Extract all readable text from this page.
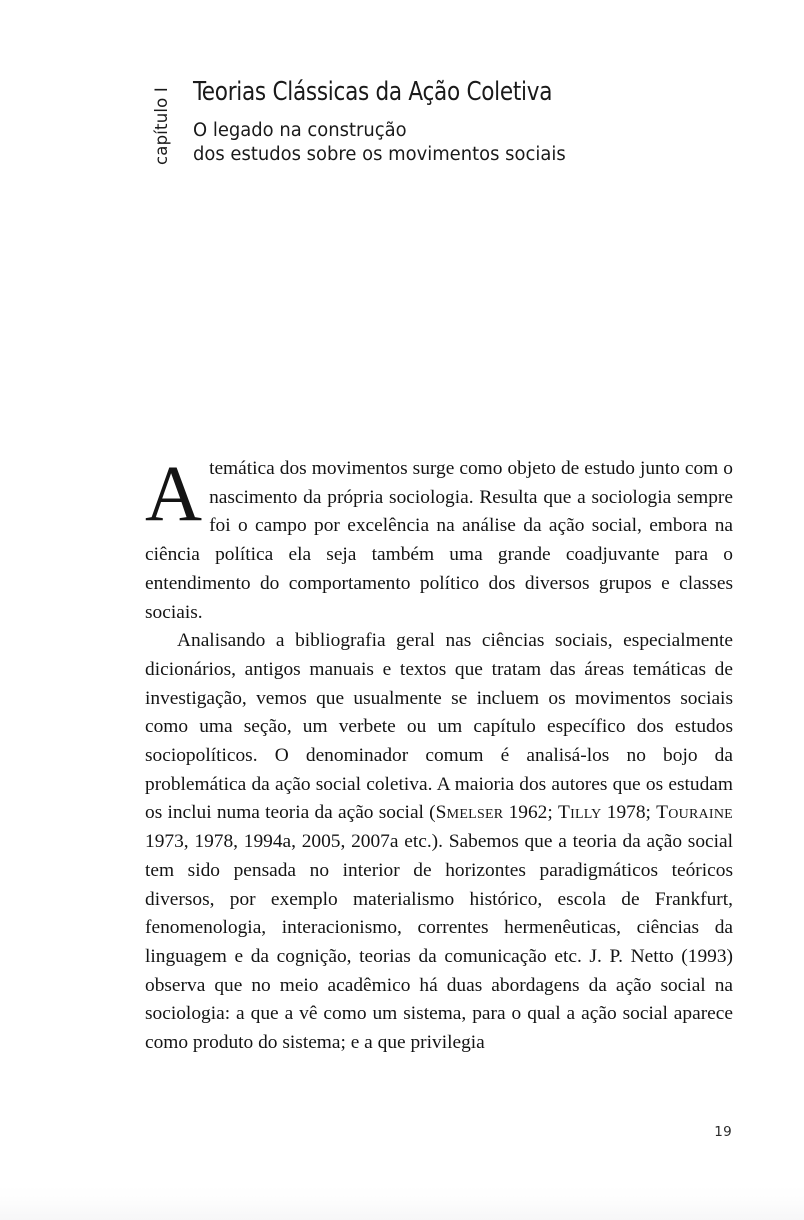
capítulo I Teorias Clássicas da Ação Coletiva
O legado na construção
dos estudos sobre os movimentos sociais

Atemática dos movimentos surge como objeto de estudo junto com o nascimento da própria sociologia. Resulta que a sociologia sempre foi o campo por excelência na análise da ação social, embora na ciência política ela seja também uma grande coadjuvante para o entendimento do comportamento político dos diversos grupos e classes sociais.

Analisando a bibliografia geral nas ciências sociais, especialmente dicionários, antigos manuais e textos que tratam das áreas temáticas de investigação, vemos que usualmente se incluem os movimentos sociais como uma seção, um verbete ou um capítulo específico dos estudos sociopolíticos. O denominador comum é analisá-los no bojo da problemática da ação social coletiva. A maioria dos autores que os estudam os inclui numa teoria da ação social (Smelser 1962; Tilly 1978; Touraine 1973, 1978, 1994a, 2005, 2007a etc.). Sabemos que a teoria da ação social tem sido pensada no interior de horizontes paradigmáticos teóricos diversos, por exemplo materialismo histórico, escola de Frankfurt, fenomenologia, interacionismo, correntes hermenêuticas, ciências da linguagem e da cognição, teorias da comunicação etc. J. P. Netto (1993) observa que no meio acadêmico há duas abordagens da ação social na sociologia: a que a vê como um sistema, para o qual a ação social aparece como produto do sistema; e a que privilegia

19
